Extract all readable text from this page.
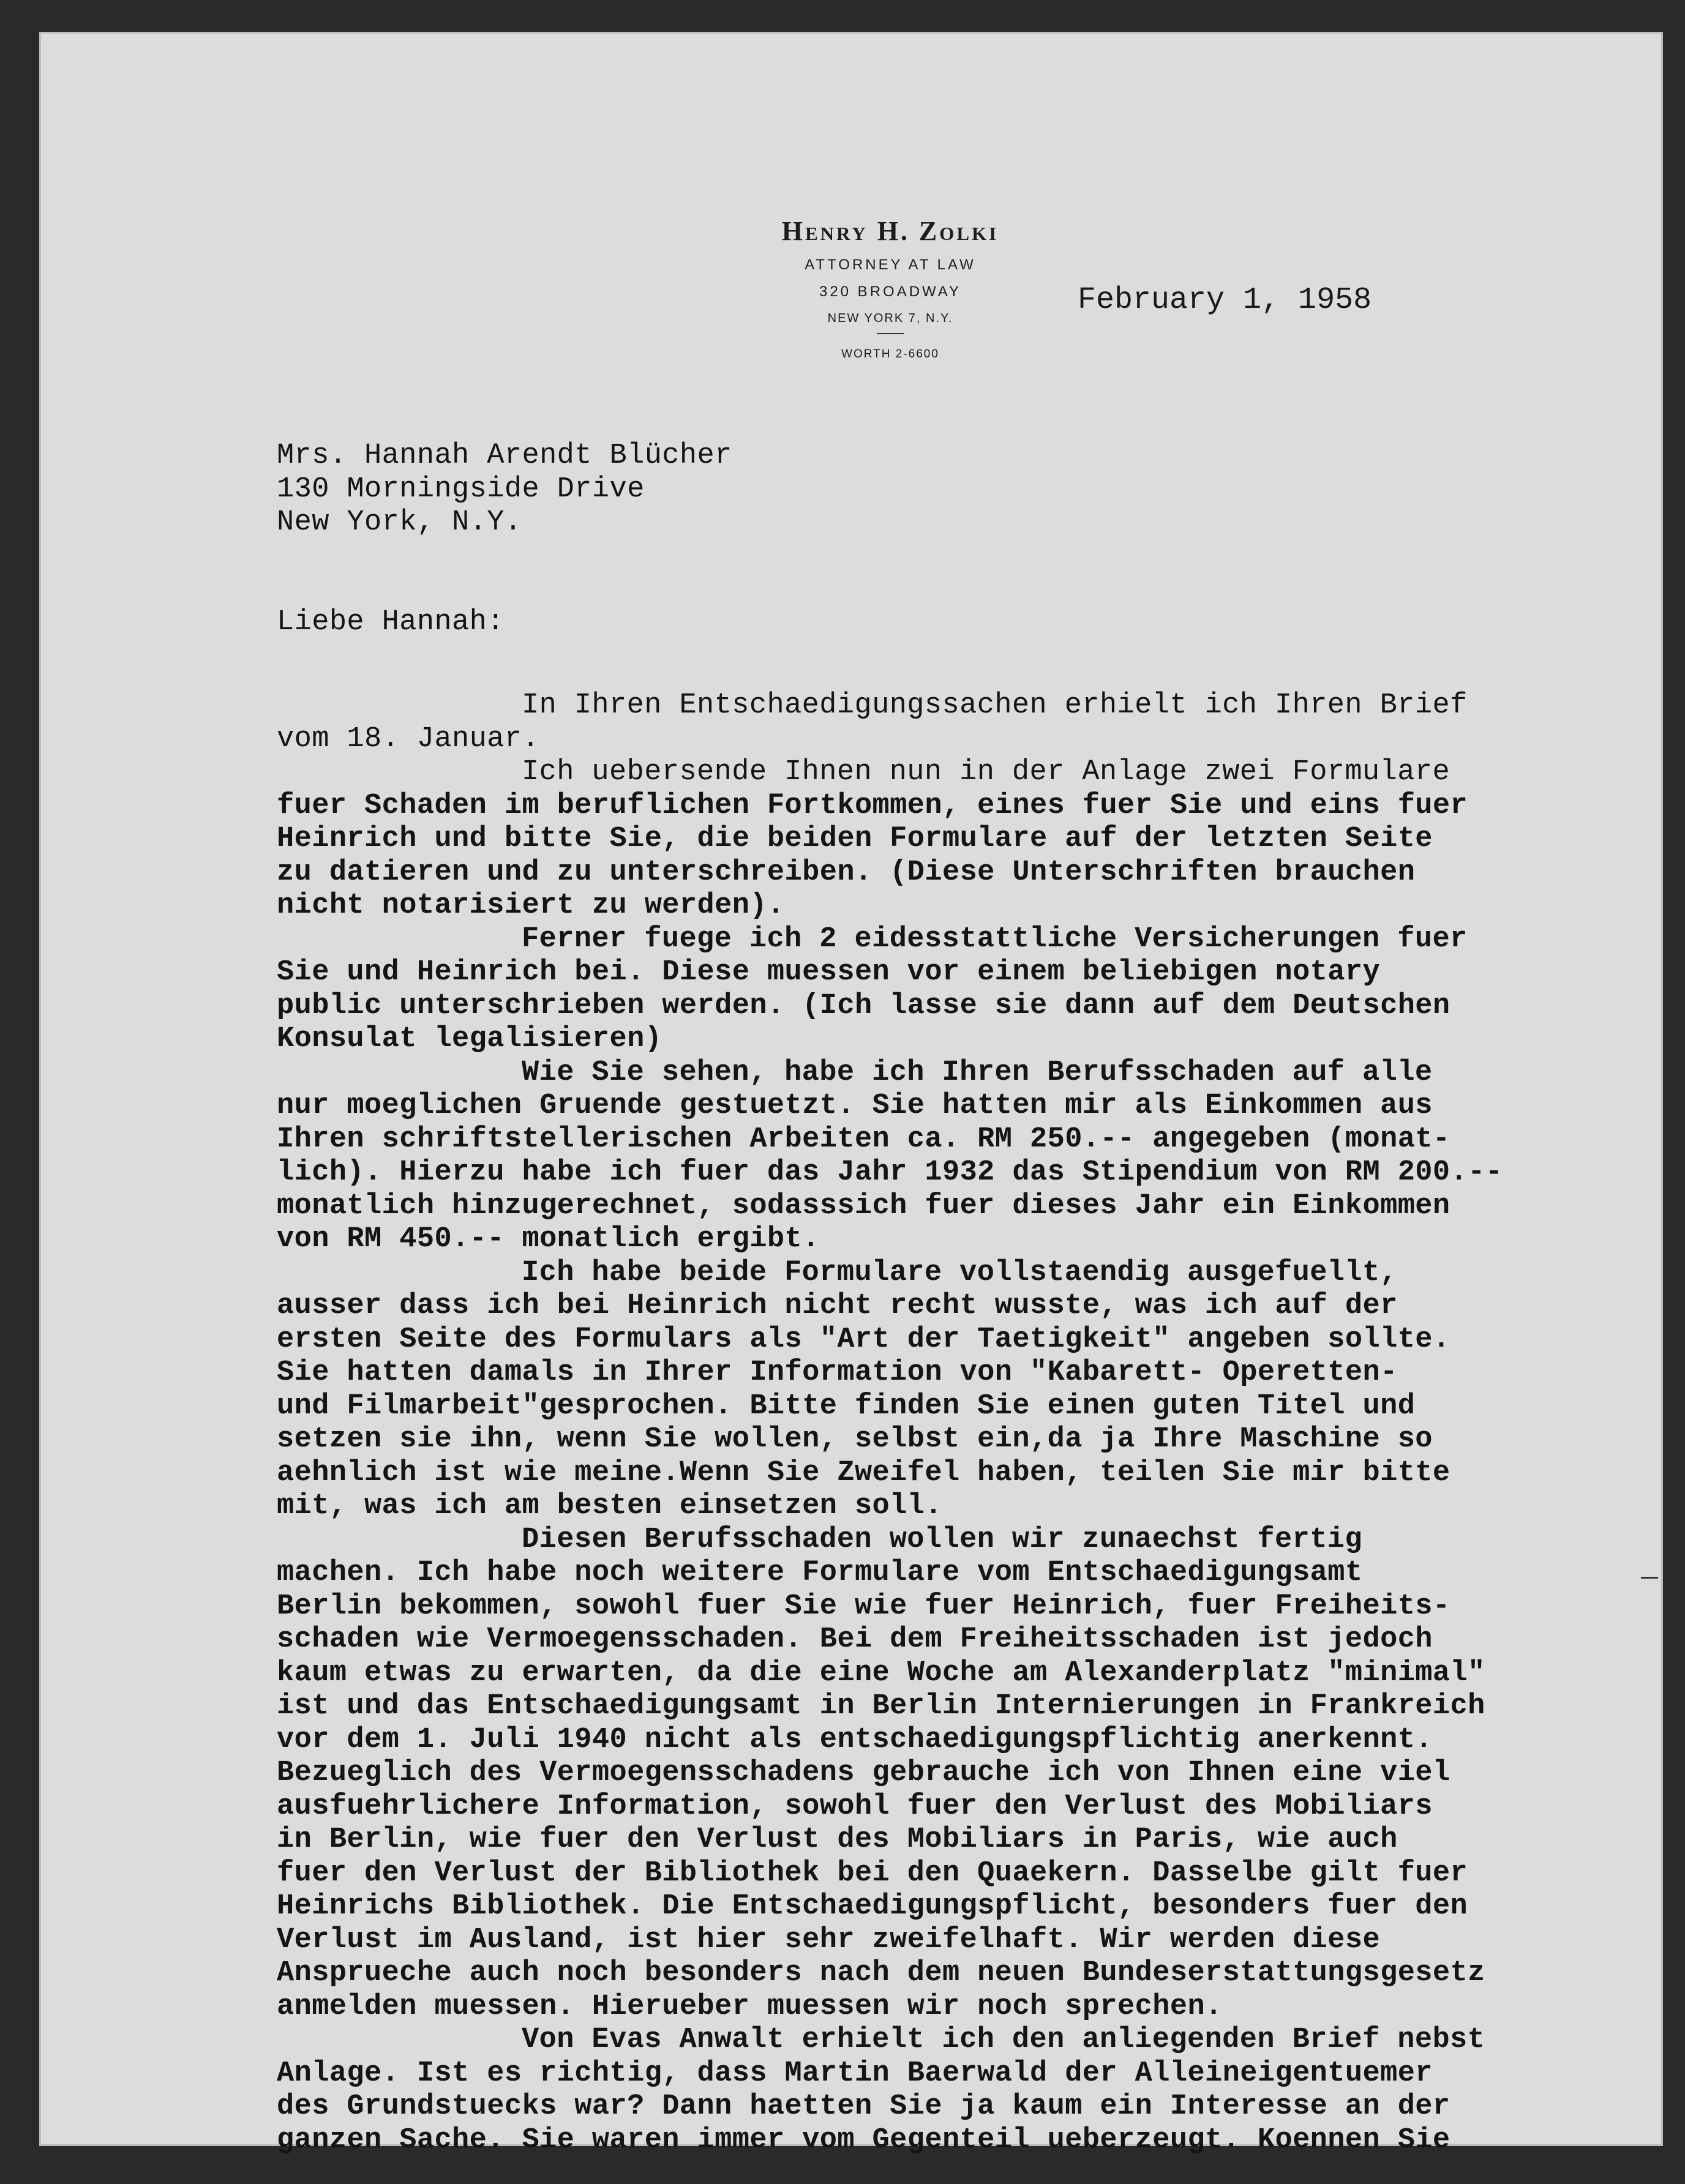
Henry H. Zolki
ATTORNEY AT LAW
320 BROADWAY
NEW YORK 7, N.Y.
WORTH 2-6600
February 1, 1958
Mrs. Hannah Arendt Blücher
130 Morningside Drive
New York, N.Y.
Liebe Hannah:
In Ihren Entschaedigungssachen erhielt ich Ihren Brief
vom 18. Januar.
Ich uebersende Ihnen nun in der Anlage zwei Formulare
fuer Schaden im beruflichen Fortkommen, eines fuer Sie und eins fuer
Heinrich und bitte Sie, die beiden Formulare auf der letzten Seite
zu datieren und zu unterschreiben. (Diese Unterschriften brauchen
nicht notarisiert zu werden).
Ferner fuege ich 2 eidesstattliche Versicherungen fuer
Sie und Heinrich bei. Diese muessen vor einem beliebigen notary
public unterschrieben werden. (Ich lasse sie dann auf dem Deutschen
Konsulat legalisieren)
Wie Sie sehen, habe ich Ihren Berufsschaden auf alle
nur moeglichen Gruende gestuetzt. Sie hatten mir als Einkommen aus
Ihren schriftstellerischen Arbeiten ca. RM 250.-- angegeben (monat-
lich). Hierzu habe ich fuer das Jahr 1932 das Stipendium von RM 200.--
monatlich hinzugerechnet, sodasssich fuer dieses Jahr ein Einkommen
von RM 450.-- monatlich ergibt.
Ich habe beide Formulare vollstaendig ausgefuellt,
ausser dass ich bei Heinrich nicht recht wusste, was ich auf der
ersten Seite des Formulars als "Art der Taetigkeit" angeben sollte.
Sie hatten damals in Ihrer Information von "Kabarett- Operetten-
und Filmarbeit"gesprochen. Bitte finden Sie einen guten Titel und
setzen sie ihn, wenn Sie wollen, selbst ein,da ja Ihre Maschine so
aehnlich ist wie meine.Wenn Sie Zweifel haben, teilen Sie mir bitte
mit, was ich am besten einsetzen soll.
Diesen Berufsschaden wollen wir zunaechst fertig
machen. Ich habe noch weitere Formulare vom Entschaedigungsamt
Berlin bekommen, sowohl fuer Sie wie fuer Heinrich, fuer Freiheits-
schaden wie Vermoegensschaden. Bei dem Freiheitsschaden ist jedoch
kaum etwas zu erwarten, da die eine Woche am Alexanderplatz "minimal"
ist und das Entschaedigungsamt in Berlin Internierungen in Frankreich
vor dem 1. Juli 1940 nicht als entschaedigungspflichtig anerkennt.
Bezueglich des Vermoegensschadens gebrauche ich von Ihnen eine viel
ausfuehrlichere Information, sowohl fuer den Verlust des Mobiliars
in Berlin, wie fuer den Verlust des Mobiliars in Paris, wie auch
fuer den Verlust der Bibliothek bei den Quaekern. Dasselbe gilt fuer
Heinrichs Bibliothek. Die Entschaedigungspflicht, besonders fuer den
Verlust im Ausland, ist hier sehr zweifelhaft. Wir werden diese
Ansprueche auch noch besonders nach dem neuen Bundeserstattungsgesetz
anmelden muessen. Hierueber muessen wir noch sprechen.
Von Evas Anwalt erhielt ich den anliegenden Brief nebst
Anlage. Ist es richtig, dass Martin Baerwald der Alleineigentuemer
des Grundstuecks war? Dann haetten Sie ja kaum ein Interesse an der
ganzen Sache. Sie waren immer vom Gegenteil ueberzeugt. Koennen Sie
